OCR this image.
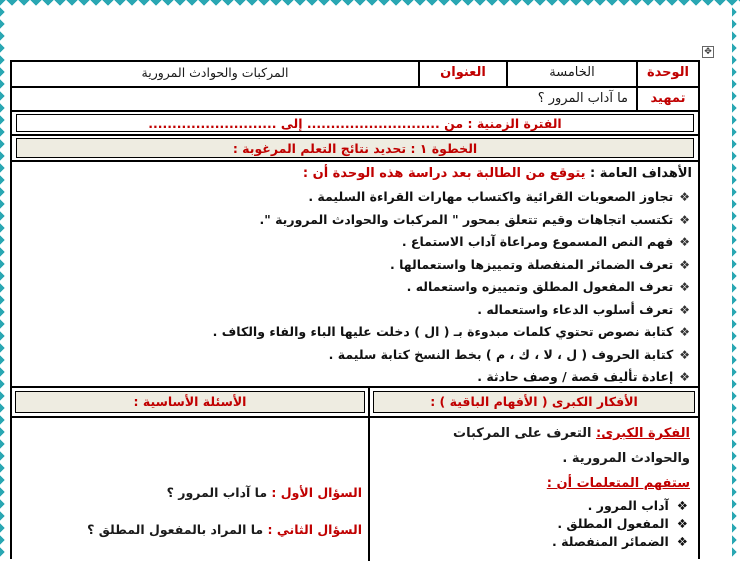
✥
الوحدة
الخامسة
العنوان
المركبات والحوادث المرورية
تمهيد
ما آداب المرور ؟
الفترة الزمنية : من ............................ إلى ...........................
الخطوة ١ : تحديد نتائج التعلم المرغوبة :
الأهداف العامة : يتوقع من الطالبة بعد دراسة هذه الوحدة أن :
❖تجاوز الصعوبات القرائية واكتساب مهارات القراءة السليمة .
❖تكتسب اتجاهات وقيم تتعلق بمحور " المركبات والحوادث المرورية ".
❖فهم النص المسموع ومراعاة آداب الاستماع .
❖تعرف الضمائر المنفصلة وتمييزها واستعمالها .
❖تعرف المفعول المطلق وتمييزه واستعماله .
❖تعرف أسلوب الدعاء واستعماله .
❖كتابة نصوص تحتوي كلمات مبدوءة بـ ( ال ) دخلت عليها الباء والفاء والكاف .
❖كتابة الحروف ( ل ، لا ، ك ، م ) بخط النسخ كتابة سليمة .
❖إعادة تأليف قصة / وصف حادثة .
الأفكار الكبرى ( الأفهام الباقية ) :
الأسئلة الأساسية :
الفكرة الكبرى: التعرف على المركبات
والحوادث المرورية .
ستفهم المتعلمات أن :
❖آداب المرور .
❖المفعول المطلق .
❖الضمائر المنفصلة .
السؤال الأول : ما آداب المرور ؟
السؤال الثاني : ما المراد بالمفعول المطلق ؟
